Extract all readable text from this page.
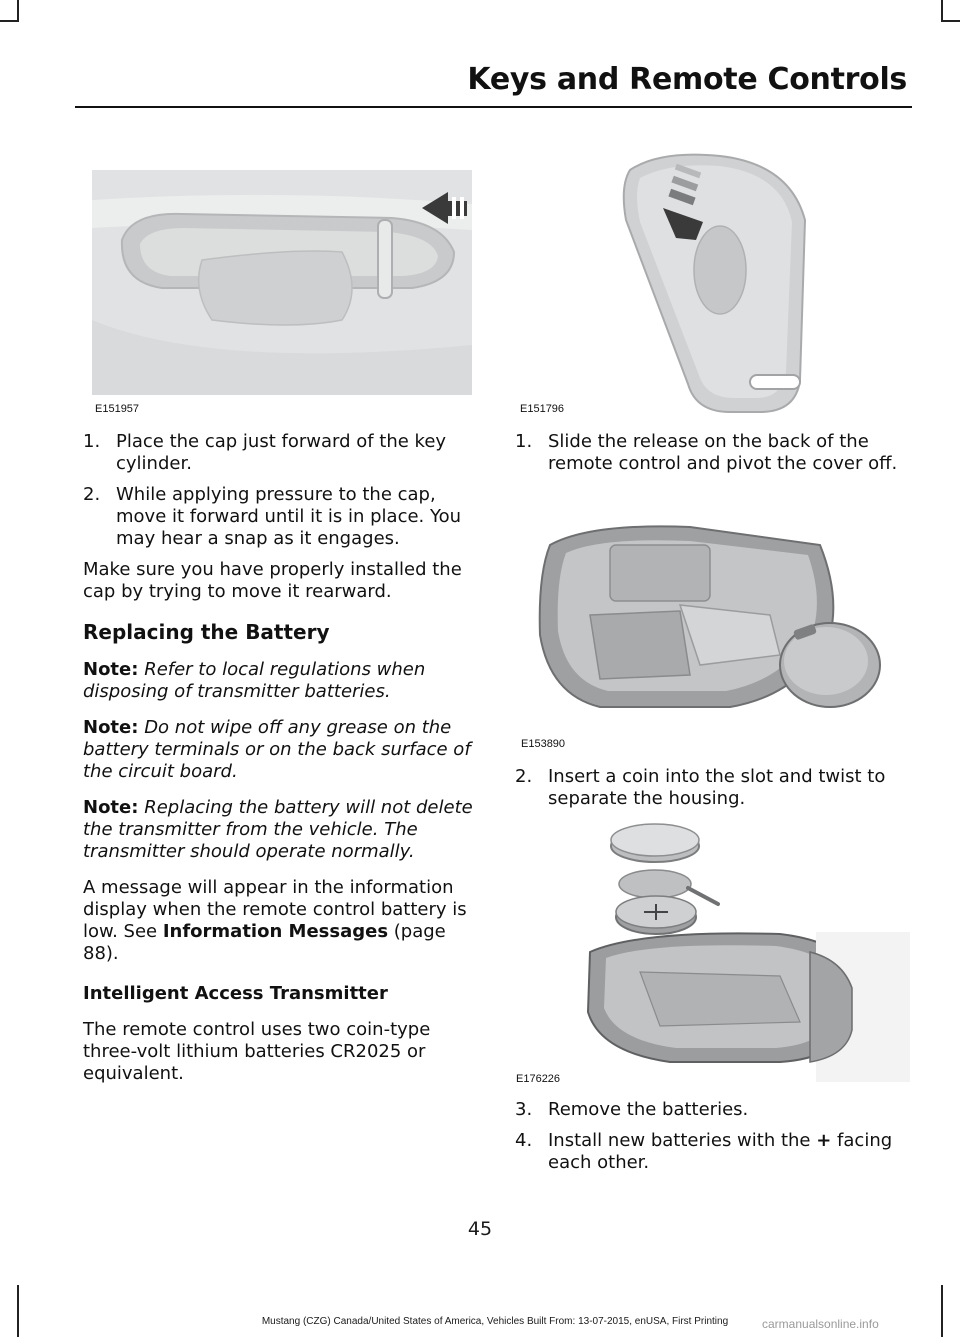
Keys and Remote Controls
E151957	E151796
1. Place the cap just forward of the key cylinder.
2. While applying pressure to the cap, move it forward until it is in place. You may hear a snap as it engages.
Make sure you have properly installed the cap by trying to move it rearward.
Replacing the Battery
Note: Refer to local regulations when disposing of transmitter batteries.
Note: Do not wipe off any grease on the battery terminals or on the back surface of the circuit board.
Note: Replacing the battery will not delete the transmitter from the vehicle. The transmitter should operate normally.
A message will appear in the information display when the remote control battery is low. See Information Messages (page 88).
Intelligent Access Transmitter
The remote control uses two coin-type three-volt lithium batteries CR2025 or equivalent.
1. Slide the release on the back of the remote control and pivot the cover off.
E153890
2. Insert a coin into the slot and twist to separate the housing.
E176226
3. Remove the batteries.
4. Install new batteries with the + facing each other.
45
Mustang (CZG) Canada/United States of America, Vehicles Built From: 13-07-2015, enUSA, First Printing	carmanualsonline.info
